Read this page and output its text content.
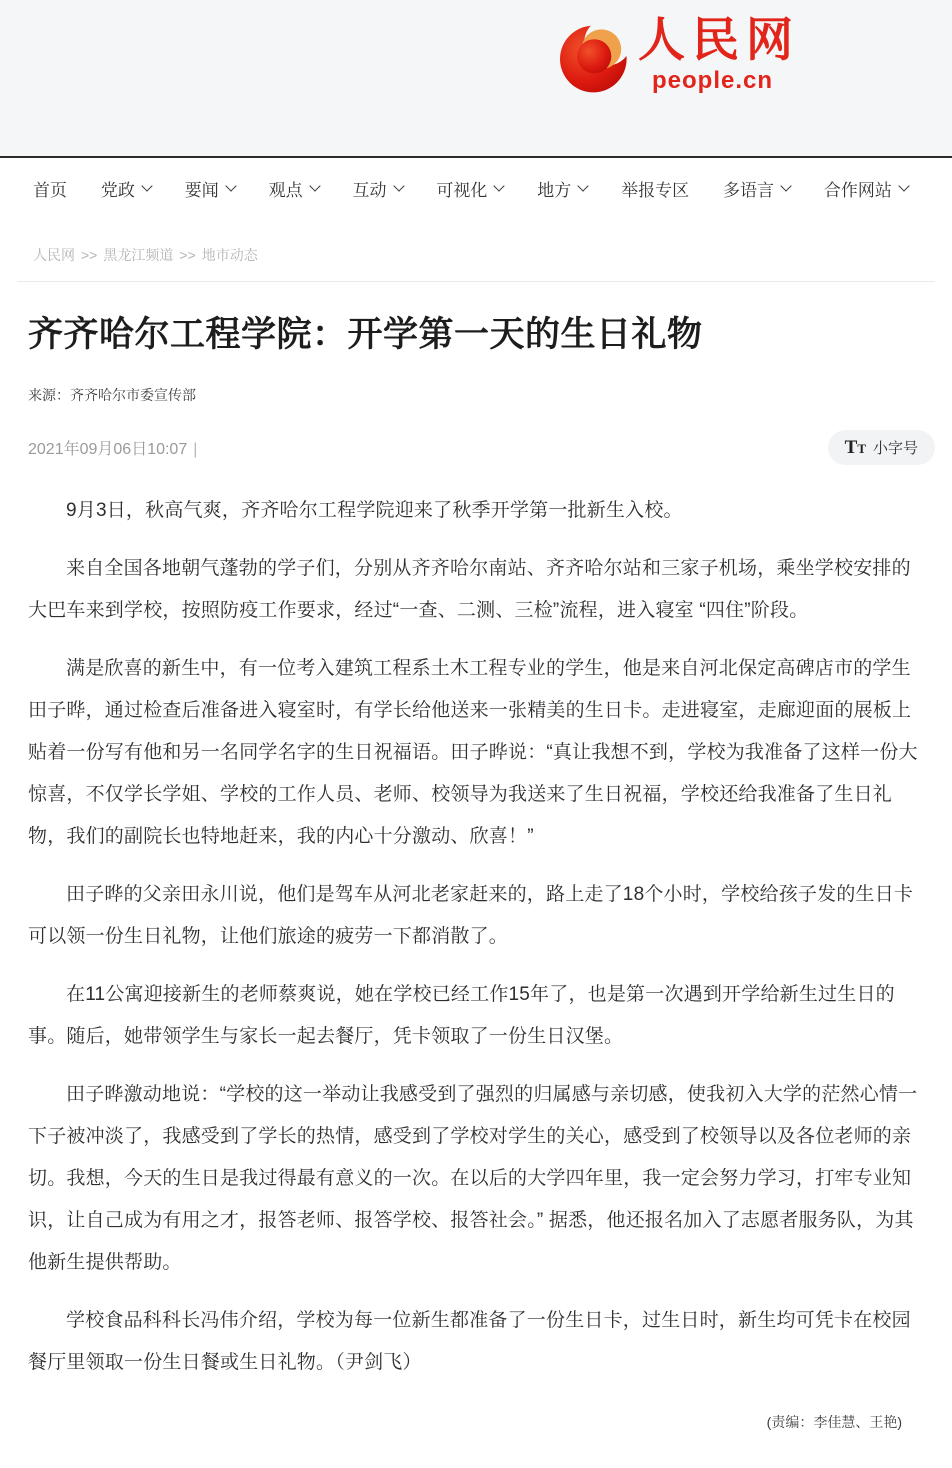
人民网
people.cn
首页 党政	要闻	观点	互动	可视化	地方	举报专区 多语言	合作网站
人民网 >> 黑龙江频道 >> 地市动态
齐齐哈尔工程学院：开学第一天的生日礼物
来源：齐齐哈尔市委宣传部
2021年09月06日10:07 |	TT 小字号

9月3日，秋高气爽，齐齐哈尔工程学院迎来了秋季开学第一批新生入校。

来自全国各地朝气蓬勃的学子们，分别从齐齐哈尔南站、齐齐哈尔站和三家子机场，乘坐学校安排的大巴车来到学校，按照防疫工作要求，经过“一查、二测、三检”流程，进入寝室 “四住”阶段。

满是欣喜的新生中，有一位考入建筑工程系土木工程专业的学生，他是来自河北保定高碑店市的学生田子晔，通过检查后准备进入寝室时，有学长给他送来一张精美的生日卡。走进寝室，走廊迎面的展板上贴着一份写有他和另一名同学名字的生日祝福语。田子晔说：“真让我想不到，学校为我准备了这样一份大惊喜，不仅学长学姐、学校的工作人员、老师、校领导为我送来了生日祝福，学校还给我准备了生日礼物，我们的副院长也特地赶来，我的内心十分激动、欣喜！”

田子晔的父亲田永川说，他们是驾车从河北老家赶来的，路上走了18个小时，学校给孩子发的生日卡可以领一份生日礼物，让他们旅途的疲劳一下都消散了。

在11公寓迎接新生的老师蔡爽说，她在学校已经工作15年了，也是第一次遇到开学给新生过生日的事。随后，她带领学生与家长一起去餐厅，凭卡领取了一份生日汉堡。

田子晔激动地说：“学校的这一举动让我感受到了强烈的归属感与亲切感，使我初入大学的茫然心情一下子被冲淡了，我感受到了学长的热情，感受到了学校对学生的关心，感受到了校领导以及各位老师的亲切。我想，今天的生日是我过得最有意义的一次。在以后的大学四年里，我一定会努力学习，打牢专业知识，让自己成为有用之才，报答老师、报答学校、报答社会。” 据悉，他还报名加入了志愿者服务队，为其他新生提供帮助。

学校食品科科长冯伟介绍，学校为每一位新生都准备了一份生日卡，过生日时，新生均可凭卡在校园餐厅里领取一份生日餐或生日礼物。（尹剑飞）

(责编：李佳慧、王艳)
